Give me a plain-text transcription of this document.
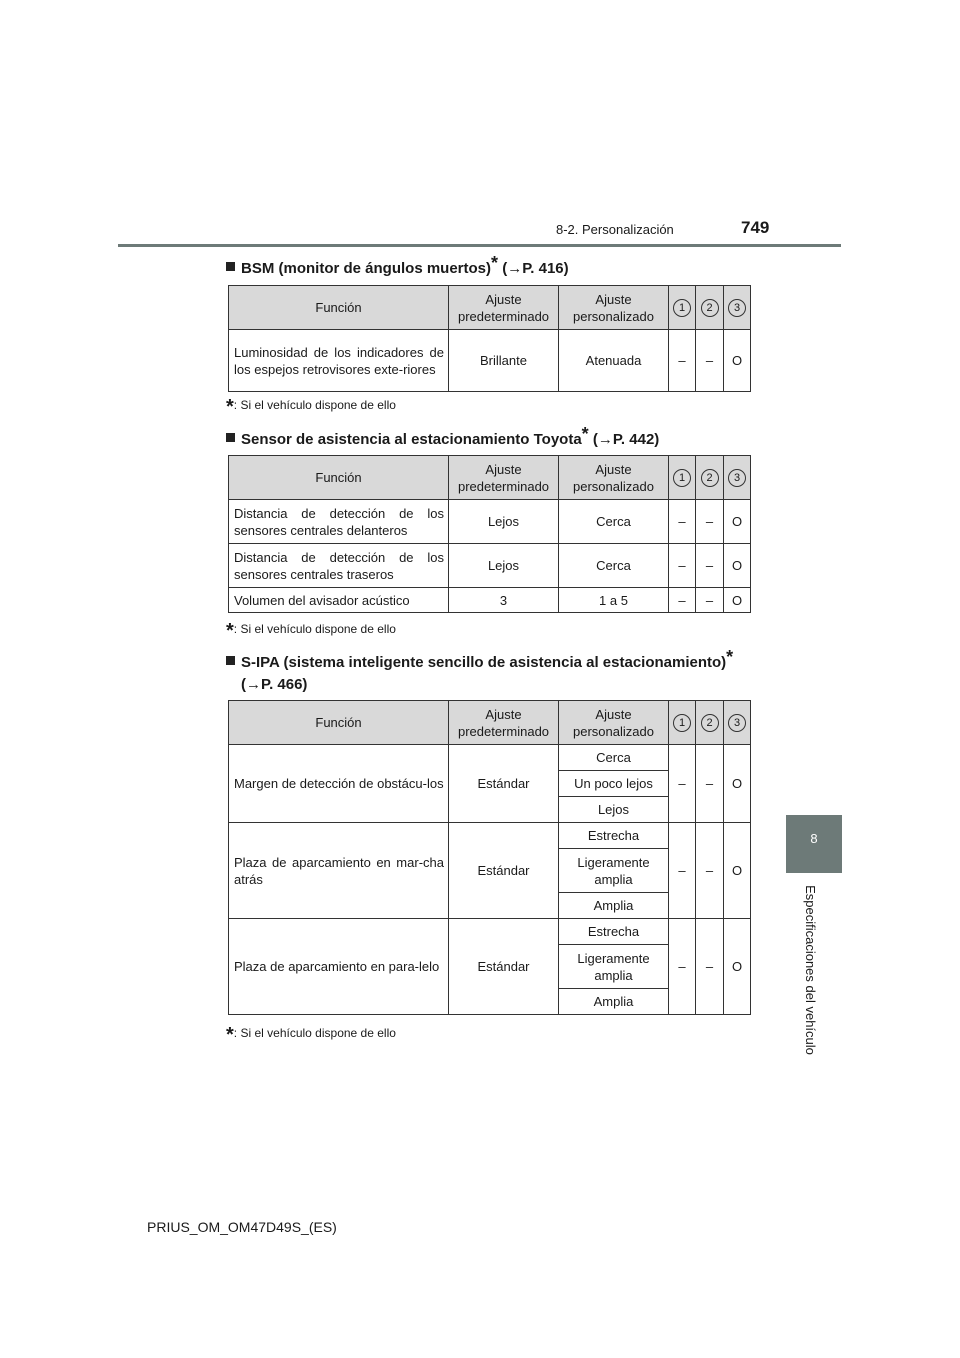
8-2. Personalización	749
8
Especificaciones del vehículo
BSM (monitor de ángulos muertos)* (→P. 416)
Función	Ajuste predeterminado	Ajuste personalizado	1	2	3
Luminosidad de los indicadores de los espejos retrovisores exte-riores	Brillante	Atenuada	–	–	O
*: Si el vehículo dispone de ello
Sensor de asistencia al estacionamiento Toyota* (→P. 442)
Función	Ajuste predeterminado	Ajuste personalizado	1	2	3
Distancia de detección de los sensores centrales delanteros	Lejos	Cerca	–	–	O
Distancia de detección de los sensores centrales traseros	Lejos	Cerca	–	–	O
Volumen del avisador acústico	3	1 a 5	–	–	O
*: Si el vehículo dispone de ello
S-IPA (sistema inteligente sencillo de asistencia al estacionamiento)*
(→P. 466)
Función	Ajuste predeterminado	Ajuste personalizado	1	2	3
Margen de detección de obstácu-los	Estándar	Cerca	–	–	O
		Un poco lejos			
		Lejos			
Plaza de aparcamiento en mar-cha atrás	Estándar	Estrecha	–	–	O
		Ligeramente amplia			
		Amplia			
Plaza de aparcamiento en para-lelo	Estándar	Estrecha	–	–	O
		Ligeramente amplia			
		Amplia			
*: Si el vehículo dispone de ello
PRIUS_OM_OM47D49S_(ES)
